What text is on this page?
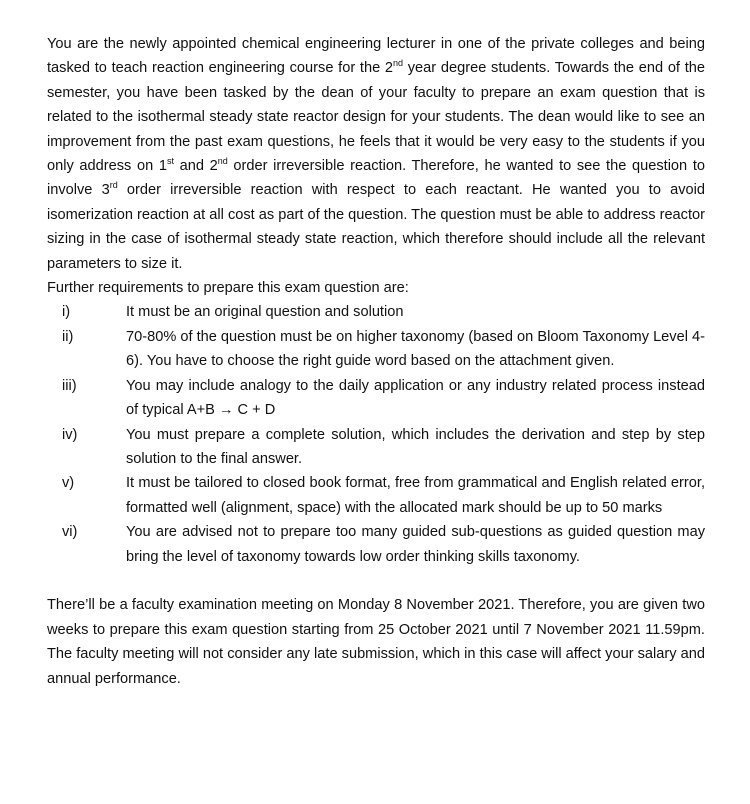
You are the newly appointed chemical engineering lecturer in one of the private colleges and being tasked to teach reaction engineering course for the 2nd year degree students. Towards the end of the semester, you have been tasked by the dean of your faculty to prepare an exam question that is related to the isothermal steady state reactor design for your students. The dean would like to see an improvement from the past exam questions, he feels that it would be very easy to the students if you only address on 1st and 2nd order irreversible reaction. Therefore, he wanted to see the question to involve 3rd order irreversible reaction with respect to each reactant. He wanted you to avoid isomerization reaction at all cost as part of the question. The question must be able to address reactor sizing in the case of isothermal steady state reaction, which therefore should include all the relevant parameters to size it.

Further requirements to prepare this exam question are:

i)	It must be an original question and solution
ii)	70-80% of the question must be on higher taxonomy (based on Bloom Taxonomy Level 4-6). You have to choose the right guide word based on the attachment given.
iii)	You may include analogy to the daily application or any industry related process instead of typical A+B → C + D
iv)	You must prepare a complete solution, which includes the derivation and step by step solution to the final answer.
v)	It must be tailored to closed book format, free from grammatical and English related error, formatted well (alignment, space) with the allocated mark should be up to 50 marks
vi)	You are advised not to prepare too many guided sub-questions as guided question may bring the level of taxonomy towards low order thinking skills taxonomy.

There’ll be a faculty examination meeting on Monday 8 November 2021. Therefore, you are given two weeks to prepare this exam question starting from 25 October 2021 until 7 November 2021 11.59pm. The faculty meeting will not consider any late submission, which in this case will affect your salary and annual performance.
